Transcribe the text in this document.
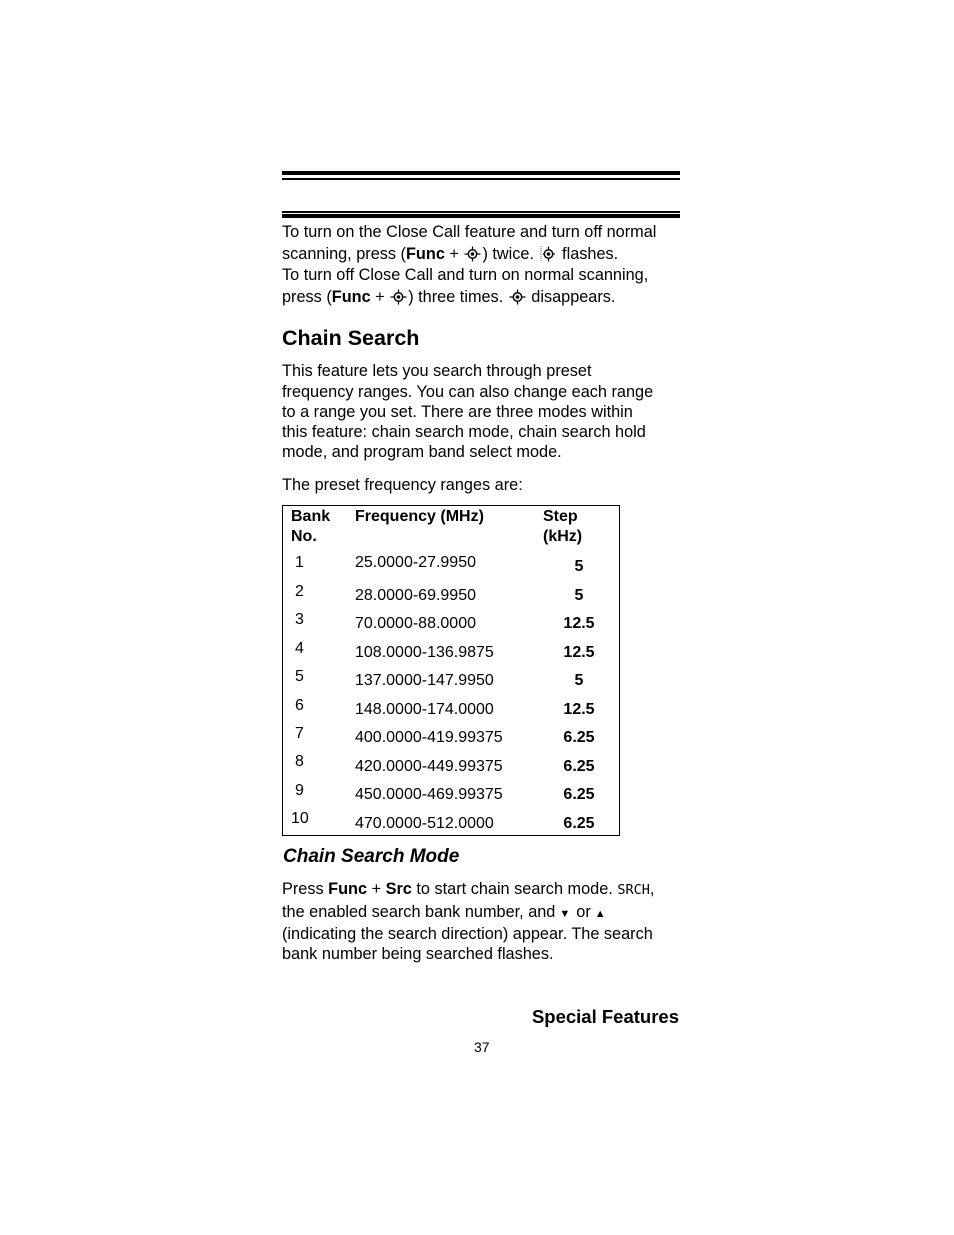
To turn on the Close Call feature and turn off normal
scanning, press (Func +
) twice.
flashes.
To turn off Close Call and turn on normal scanning,
press (Func +
) three times.
disappears.
Chain Search
This feature lets you search through preset
frequency ranges. You can also change each range
to a range you set. There are three modes within
this feature: chain search mode, chain search hold
mode, and program band select mode.
The preset frequency ranges are:
Bank
No.
Frequency (MHz)	Step
(kHz)
1	25.0000-27.9950	5
2	28.0000-69.9950	5
3	70.0000-88.0000	12.5
4	108.0000-136.9875	12.5
5	137.0000-147.9950	5
6	148.0000-174.0000	12.5
7	400.0000-419.99375	6.25
8	420.0000-449.99375	6.25
9	450.0000-469.99375	6.25
10	470.0000-512.0000	6.25
Chain Search Mode
Press Func + Src to start chain search mode. SRCH,
the enabled search bank number, and ▼ or ▲
(indicating the search direction) appear. The search
bank number being searched flashes.
Special Features
37
